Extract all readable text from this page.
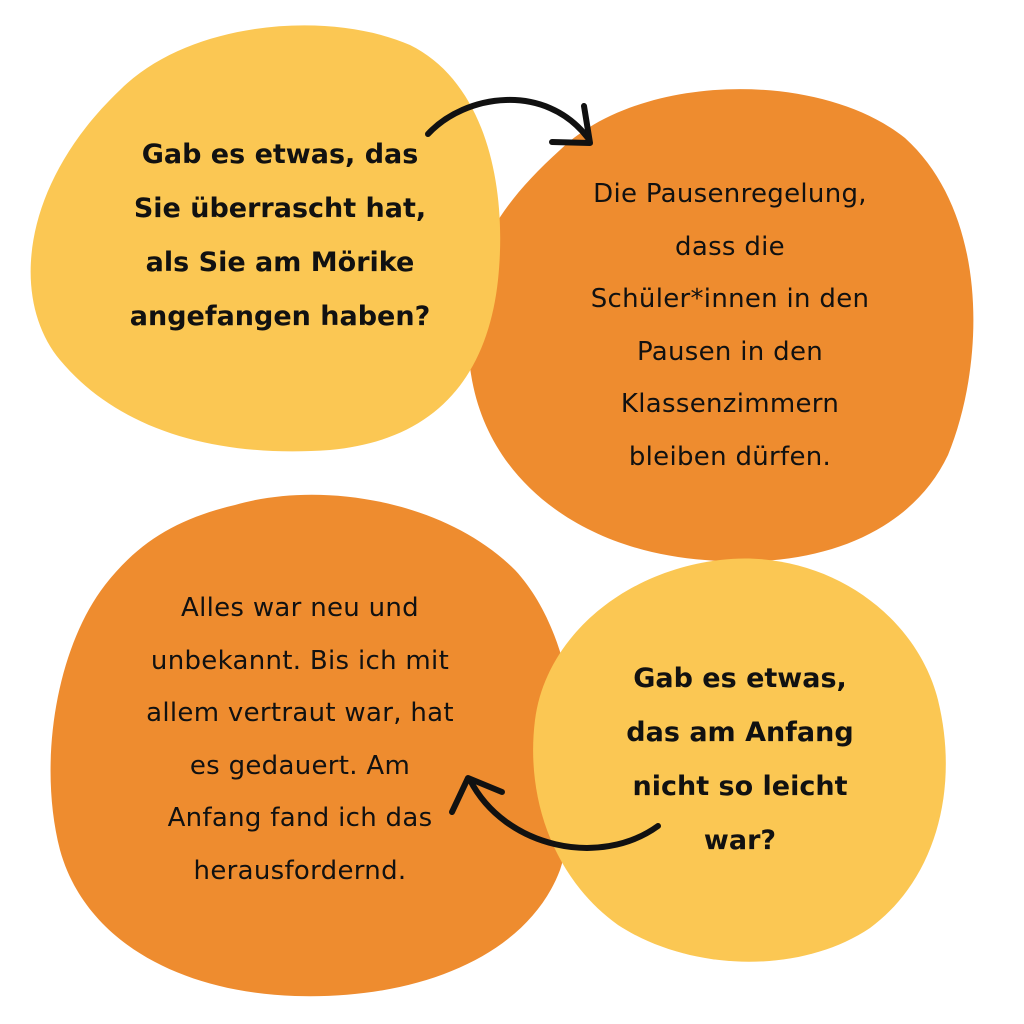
Gab es etwas, das
Sie überrascht hat,
als Sie am Mörike
angefangen haben?
Die Pausenregelung,
dass die
Schüler*innen in den
Pausen in den
Klassenzimmern
bleiben dürfen.
Alles war neu und
unbekannt. Bis ich mit
allem vertraut war, hat
es gedauert. Am
Anfang fand ich das
herausfordernd.
Gab es etwas,
das am Anfang
nicht so leicht
war?
